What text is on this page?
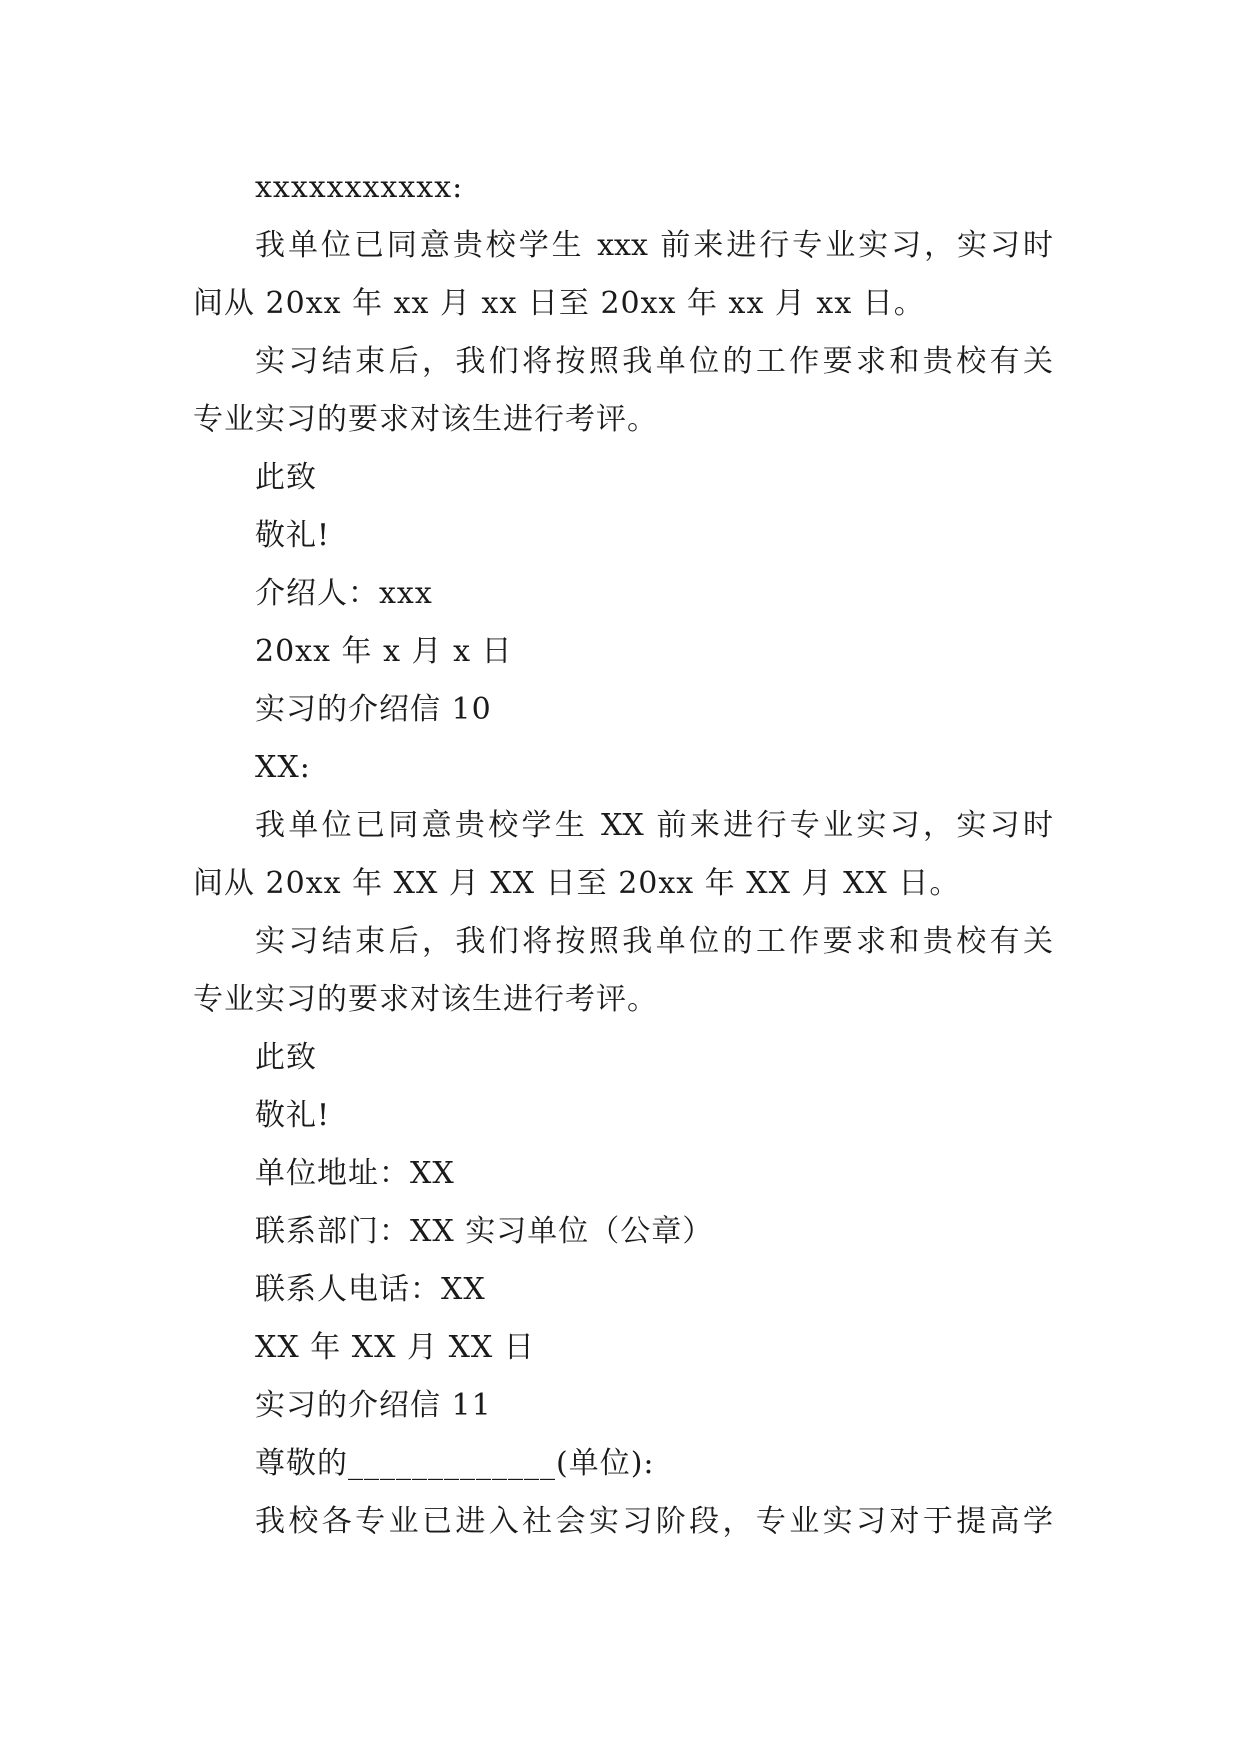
xxxxxxxxxxx:
我单位已同意贵校学生 xxx 前来进行专业实习，实习时
间从 20xx 年 xx 月 xx 日至 20xx 年 xx 月 xx 日。
实习结束后，我们将按照我单位的工作要求和贵校有关
专业实习的要求对该生进行考评。
此致
敬礼!
介绍人：xxx
20xx 年 x 月 x 日
实习的介绍信 10
XX:
我单位已同意贵校学生 XX 前来进行专业实习，实习时
间从 20xx 年 XX 月 XX 日至 20xx 年 XX 月 XX 日。
实习结束后，我们将按照我单位的工作要求和贵校有关
专业实习的要求对该生进行考评。
此致
敬礼!
单位地址：XX
联系部门：XX 实习单位（公章）
联系人电话：XX
XX 年 XX 月 XX 日
实习的介绍信 11
尊敬的_____________(单位):
我校各专业已进入社会实习阶段，专业实习对于提高学
